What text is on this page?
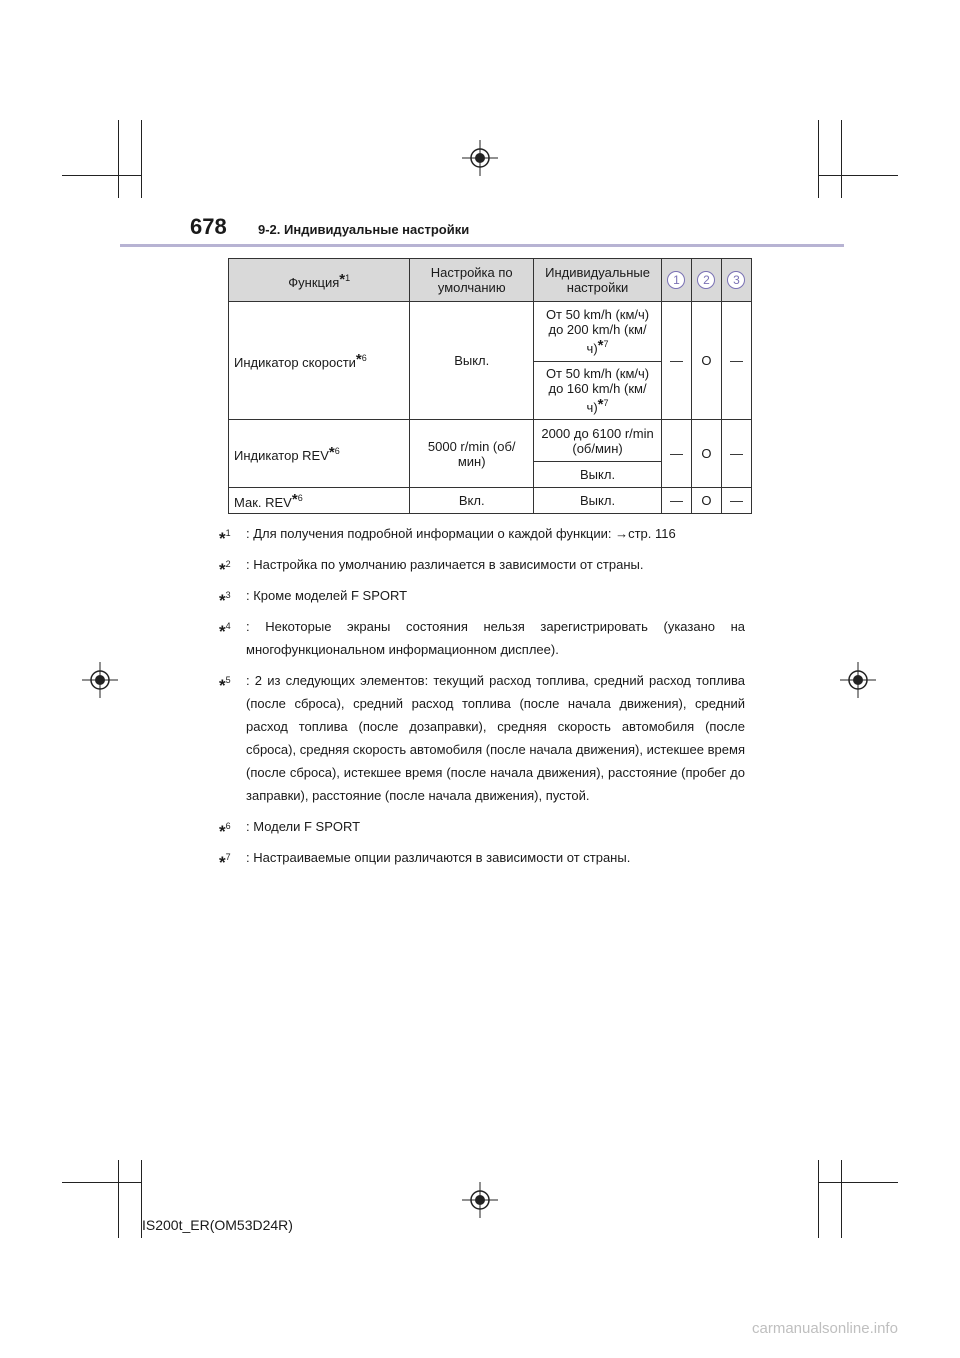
678 9-2. Индивидуальные настройки
Функция$^{*1}$	Настройка по умолчанию	Индивидуальные настройки	1	2	3
Индикатор скорости$^{*6}$	Выкл.	От 50 km/h (км/ч) до 200 km/h $(км/ч)^{*7}$	—	O	—
		От 50 km/h (км/ч) до 160 km/h $(км/ч)^{*7}$
Индикатор REV$^{*6}$	5000 r/min (об/мин)	2000 до 6100 r/min (об/мин)	—	O	—
		Выкл.			
Мак. REV$^{*6}$	Вкл.	Выкл.	—	O	—
*$^1$ : Для получения подробной информации о каждой функции: →стр. 116
*$^2$ : Настройка по умолчанию различается в зависимости от страны.
*$^3$ : Кроме моделей F SPORT
*$^4$ : Некоторые экраны состояния нельзя зарегистрировать (указано на многофункциональном информационном дисплее).
*$^5$ : 2 из следующих элементов: текущий расход топлива, средний расход топлива (после сброса), средний расход топлива (после начала движения), средний расход топлива (после дозаправки), средняя скорость автомобиля (после сброса), средняя скорость автомобиля (после начала движения), истекшее время (после сброса), истекшее время (после начала движения), расстояние (пробег до заправки), расстояние (после начала движения), пустой.
*$^6$ : Модели F SPORT
*$^7$ : Настраиваемые опции различаются в зависимости от страны.
IS200t_ER(OM53D24R)
carmanualsonline.info
